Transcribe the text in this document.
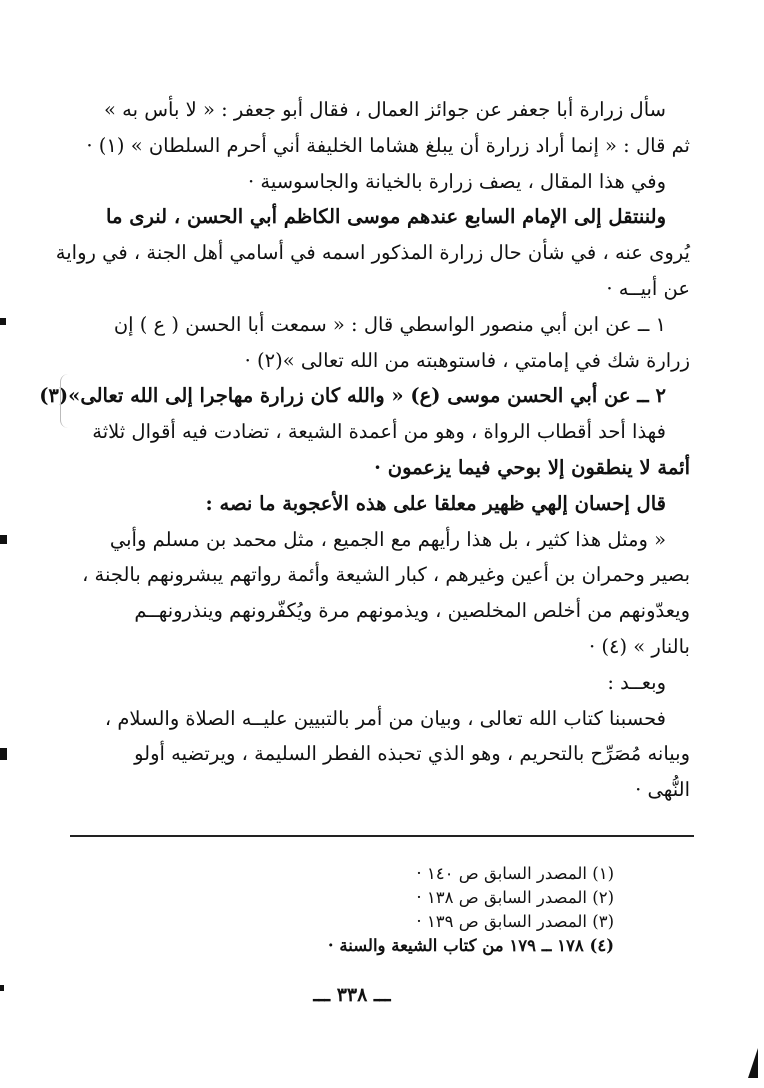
سأل زرارة أبا جعفر عن جوائز العمال ، فقال أبو جعفر : « لا بأس به »
ثم قال : « إنما أراد زرارة أن يبلغ هشاما الخليفة أني أحرم السلطان » (١) ·
وفي هذا المقال ، يصف زرارة بالخيانة والجاسوسية ·
ولننتقل إلى الإمام السابع عندهم موسى الكاظم أبي الحسن ، لنرى ما
يُروى عنه ، في شأن حال زرارة المذكور اسمه في أسامي أهل الجنة ، في رواية
عن أبيــه ·
١ ــ عن ابن أبي منصور الواسطي قال : « سمعت أبا الحسن ( ع ) إن
زرارة شك في إمامتي ، فاستوهبته من الله تعالى »(٢) ·
٢ ــ عن أبي الحسن موسى (ع) « والله كان زرارة مهاجرا إلى الله تعالى»(٣)
فهذا أحد أقطاب الرواة ، وهو من أعمدة الشيعة ، تضادت فيه أقوال ثلاثة
أئمة لا ينطقون إلا بوحي فيما يزعمون ·
قال إحسان إلهي ظهير معلقا على هذه الأعجوبة ما نصه :
« ومثل هذا كثير ، بل هذا رأيهم مع الجميع ، مثل محمد بن مسلم وأبي
بصير وحمران بن أعين وغيرهم ، كبار الشيعة وأئمة رواتهم يبشرونهم بالجنة ،
ويعدّونهم من أخلص المخلصين ، ويذمونهم مرة ويُكفّرونهم وينذرونهــم
بالنار » (٤) ·
وبعــد :
فحسبنا كتاب الله تعالى ، وبيان من أمر بالتبيين عليــه الصلاة والسلام ،
وبيانه مُصَرِّح بالتحريم ، وهو الذي تحبذه الفطر السليمة ، ويرتضيه أولو
النُّهى ·
(١) المصدر السابق ص ١٤٠ ·
(٢) المصدر السابق ص ١٣٨ ·
(٣) المصدر السابق ص ١٣٩ ·
(٤) ١٧٨ ــ ١٧٩ من كتاب الشيعة والسنة ·
ـــ ٣٣٨ ـــ
